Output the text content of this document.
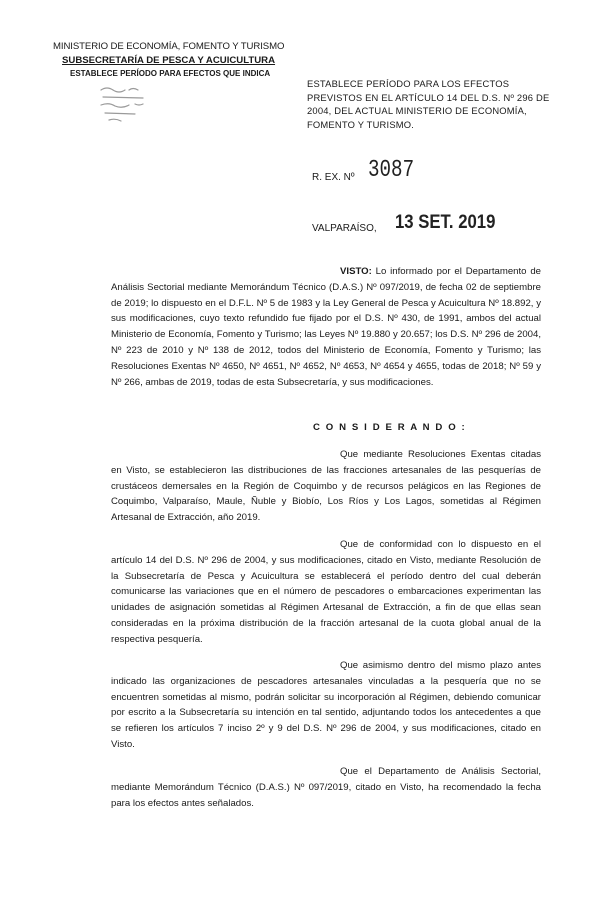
MINISTERIO DE ECONOMÍA, FOMENTO Y TURISMO
SUBSECRETARÍA DE PESCA Y ACUICULTURA
ESTABLECE PERÍODO PARA EFECTOS QUE INDICA
ESTABLECE PERÍODO PARA LOS EFECTOS PREVISTOS EN EL ARTÍCULO 14 DEL D.S. Nº 296 DE 2004, DEL ACTUAL MINISTERIO DE ECONOMÍA, FOMENTO Y TURISMO.
R. EX. Nº 3087
VALPARAÍSO, 13 SET. 2019

VISTO: Lo informado por el Departamento de Análisis Sectorial mediante Memorándum Técnico (D.A.S.) Nº 097/2019, de fecha 02 de septiembre de 2019; lo dispuesto en el D.F.L. Nº 5 de 1983 y la Ley General de Pesca y Acuicultura Nº 18.892, y sus modificaciones, cuyo texto refundido fue fijado por el D.S. Nº 430, de 1991, ambos del actual Ministerio de Economía, Fomento y Turismo; las Leyes Nº 19.880 y 20.657; los D.S. Nº 296 de 2004, Nº 223 de 2010 y Nº 138 de 2012, todos del Ministerio de Economía, Fomento y Turismo; las Resoluciones Exentas Nº 4650, Nº 4651, Nº 4652, Nº 4653, Nº 4654 y 4655, todas de 2018; Nº 59 y Nº 266, ambas de 2019, todas de esta Subsecretaría, y sus modificaciones.

C O N S I D E R A N D O :

Que mediante Resoluciones Exentas citadas en Visto, se establecieron las distribuciones de las fracciones artesanales de las pesquerías de crustáceos demersales en la Región de Coquimbo y de recursos pelágicos en las Regiones de Coquimbo, Valparaíso, Maule, Ñuble y Biobío, Los Ríos y Los Lagos, sometidas al Régimen Artesanal de Extracción, año 2019.

Que de conformidad con lo dispuesto en el artículo 14 del D.S. Nº 296 de 2004, y sus modificaciones, citado en Visto, mediante Resolución de la Subsecretaría de Pesca y Acuicultura se establecerá el período dentro del cual deberán comunicarse las variaciones que en el número de pescadores o embarcaciones experimentan las unidades de asignación sometidas al Régimen Artesanal de Extracción, a fin de que ellas sean consideradas en la próxima distribución de la fracción artesanal de la cuota global anual de la respectiva pesquería.

Que asimismo dentro del mismo plazo antes indicado las organizaciones de pescadores artesanales vinculadas a la pesquería que no se encuentren sometidas al mismo, podrán solicitar su incorporación al Régimen, debiendo comunicar por escrito a la Subsecretaría su intención en tal sentido, adjuntando todos los antecedentes a que se refieren los artículos 7 inciso 2º y 9 del D.S. Nº 296 de 2004, y sus modificaciones, citado en Visto.

Que el Departamento de Análisis Sectorial, mediante Memorándum Técnico (D.A.S.) Nº 097/2019, citado en Visto, ha recomendado la fecha para los efectos antes señalados.
